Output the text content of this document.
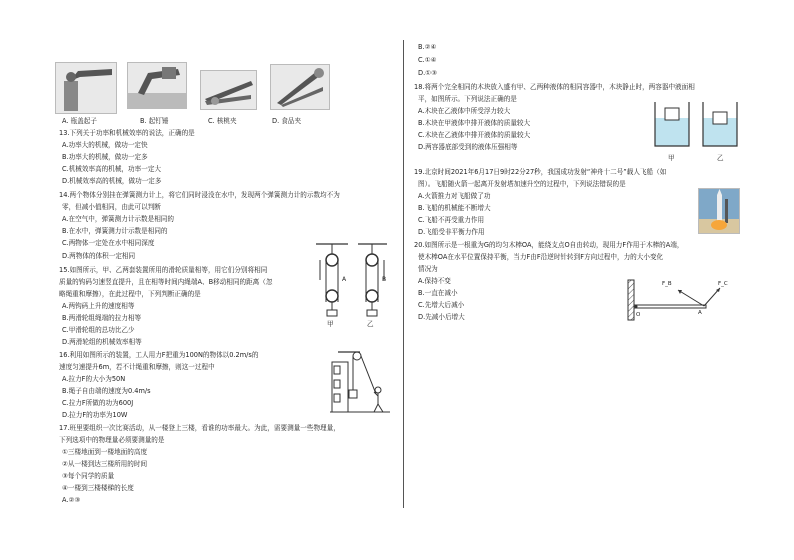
A. 瓶盖起子	B. 起钉锤	C. 核桃夹	D. 食品夹
13.下列关于功率和机械效率的说法，正确的是
A.功率大的机械，做功一定快
B.功率大的机械，做功一定多
C.机械效率高的机械，功率一定大
D.机械效率高的机械，做功一定多
14.两个物体分别挂在弹簧测力计上，将它们同时浸没在水中，发现两个弹簧测力计的示数均不为
零，但减小值相同，由此可以判断
A.在空气中，弹簧测力计示数是相同的
B.在水中，弹簧测力计示数是相同的
C.两物体一定处在水中相同深度
D.两物体的体积一定相同
15.如图所示，甲、乙两套装置所用的滑轮质量相等，用它们分别将相同
质量的钩码匀速竖直提升，且在相等时间内绳端A、B移动相同的距离（忽
略绳重和摩擦），在此过程中，下列判断正确的是
A.两钩码上升的速度相等
B.两滑轮组绳端的拉力相等
C.甲滑轮组的总功比乙少
D.两滑轮组的机械效率相等
A	B
甲	乙
16.利用如图所示的装置，工人用力F把重为100N的物体以0.2m/s的
速度匀速提升6m，若不计绳重和摩擦，则这一过程中
A.拉力F的大小为50N
B.绳子自由端的速度为0.4m/s
C.拉力F所做的功为600J
D.拉力F的功率为10W
17.班里要组织一次比赛活动，从一楼登上三楼，看谁的功率最大。为此，需要测量一些物理量，
下列选项中的物理量必须要测量的是
①三楼地面到一楼地面的高度
②从一楼到达三楼所用的时间
③每个同学的质量
④一楼到三楼楼梯的长度
A.②③
B.②④
C.①④
D.①③
18.将两个完全相同的木块放入盛有甲、乙两种液体的相同容器中，木块静止时，两容器中液面相
平，如图所示。下列说法正确的是
A.木块在乙液体中所受浮力较大
B.木块在甲液体中排开液体的质量较大
C.木块在乙液体中排开液体的质量较大
D.两容器底部受到的液体压强相等
甲	乙
19.北京时间2021年6月17日9时22分27秒，我国成功发射“神舟十二号”载人飞船（如
图）。飞船随火箭一起离开发射塔加速升空的过程中，下列说法错误的是
A.火箭推力对飞船做了功
B.飞船的机械能不断增大
C.飞船不再受重力作用
D.飞船受非平衡力作用
20.如图所示是一根重为G的均匀木棒OA，能绕支点O自由转动，现用力F作用于木棒的A端，
使木棒OA在水平位置保持平衡，当力F由F沿逆时针转到F方向过程中，力的大小变化
情况为
A.保持不变
B.一直在减小
C.先增大后减小
D.先减小后增大
F_B	F_C
O	A
